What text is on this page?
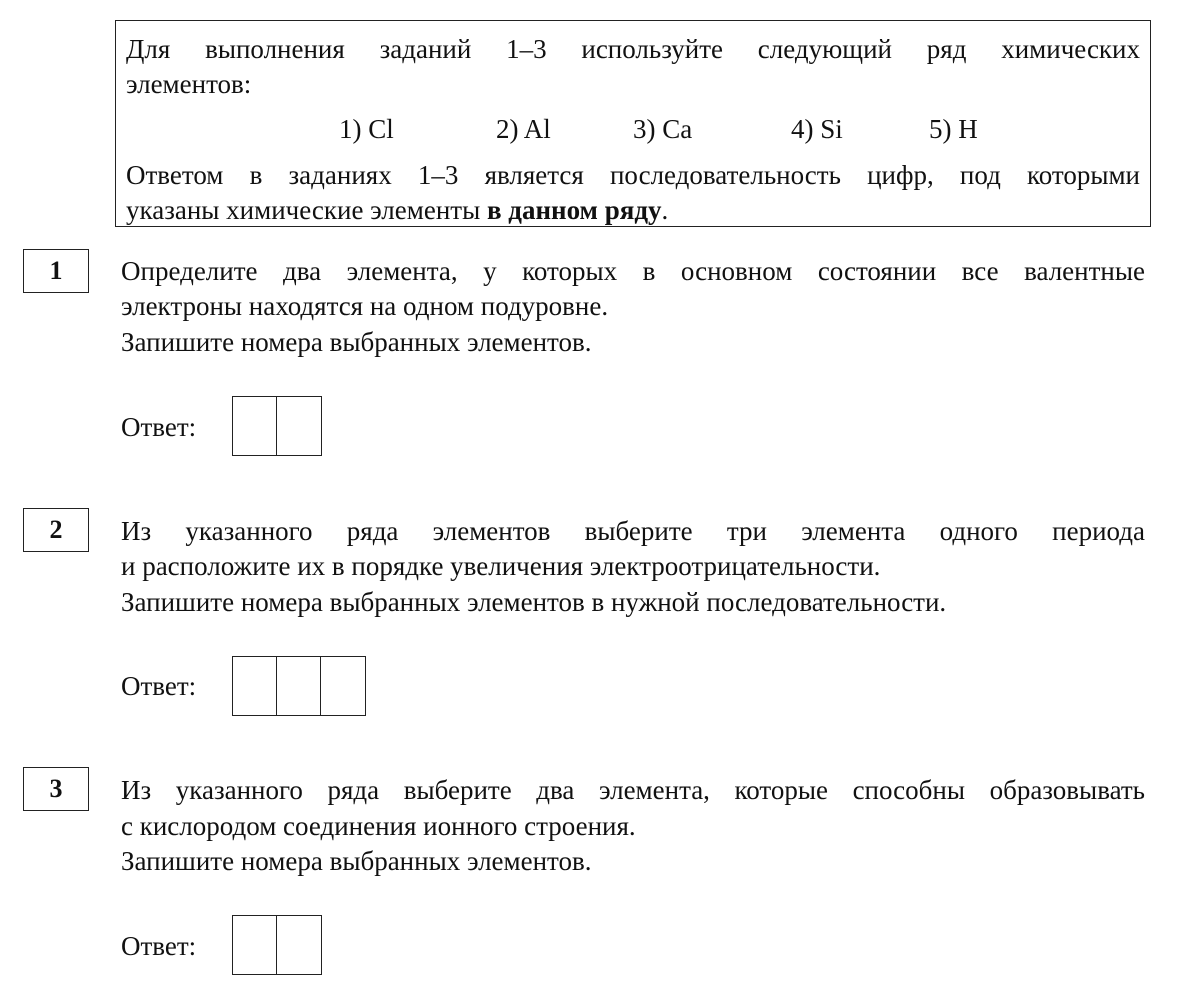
Для выполнения заданий 1–3 используйте следующий ряд химических
элементов:
1) Cl	2) Al	3) Ca	4) Si	5) H
Ответом в заданиях 1–3 является последовательность цифр, под которыми
указаны химические элементы в данном ряду.
1	Определите два элемента, у которых в основном состоянии все валентные
электроны находятся на одном подуровне.
Запишите номера выбранных элементов.
Ответ:
2	Из указанного ряда элементов выберите три элемента одного периода
и расположите их в порядке увеличения электроотрицательности.
Запишите номера выбранных элементов в нужной последовательности.
Ответ:
3	Из указанного ряда выберите два элемента, которые способны образовывать
с кислородом соединения ионного строения.
Запишите номера выбранных элементов.
Ответ:
